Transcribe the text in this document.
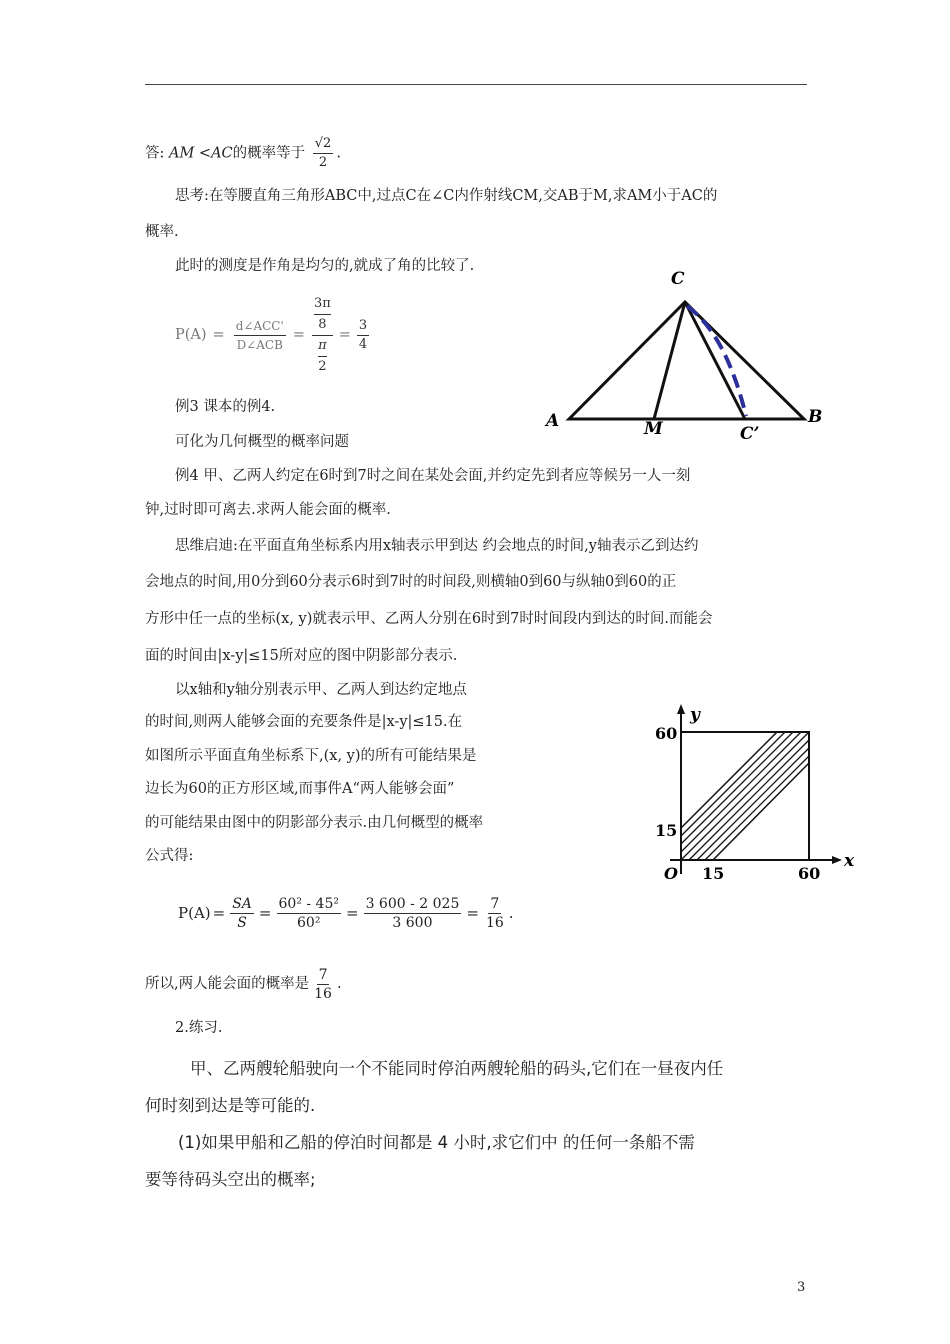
答: AM <AC的概率等于 $\frac{√2}{2}$ .
思考:在等腰直角三角形ABC中,过点C在∠C内作射线CM,交AB于M,求AM小于AC的
概率.
此时的测度是作角是均匀的,就成了角的比较了.
$P(A) = \frac{\text{d∠ACC'}}{\text{D∠ACB}} = 3\pi$
8
π
$2 = \frac{3}{4}$
例3 课本的例4.
可化为几何概型的概率问题
C
A	B
M	C’
例4 甲、乙两人约定在6时到7时之间在某处会面,并约定先到者应等候另一人一刻
钟,过时即可离去.求两人能会面的概率.
思维启迪:在平面直角坐标系内用x轴表示甲到达 约会地点的时间,y轴表示乙到达约
会地点的时间,用0分到60分表示6时到7时的时间段,则横轴0到60与纵轴0到60的正
方形中任一点的坐标(x, y)就表示甲、乙两人分别在6时到7时时间段内到达的时间.而能会
面的时间由|x-y|≤15所对应的图中阴影部分表示.
以x轴和y轴分别表示甲、乙两人到达约定地点
的时间,则两人能够会面的充要条件是|x-y|≤15.在
如图所示平面直角坐标系下,(x, y)的所有可能结果是
边长为60的正方形区域,而事件A“两人能够会面”
的可能结果由图中的阴影部分表示.由几何概型的概率
公式得:
y
x
60
15
O 15	60
$P(A) = \frac{SA}{S} = \frac{\text{60² - 45²}}{\text{60²}} = \frac{3 600 - 2 025}{3 600} = \frac{7}{16}$ .
所以,两人能会面的概率是 $\frac{7}{16}$ .
2.练习.
甲、乙两艘轮船驶向一个不能同时停泊两艘轮船的码头,它们在一昼夜内任
何时刻到达是等可能的.
(1)如果甲船和乙船的停泊时间都是 4 小时,求它们中 的任何一条船不需
要等待码头空出的概率;
3
